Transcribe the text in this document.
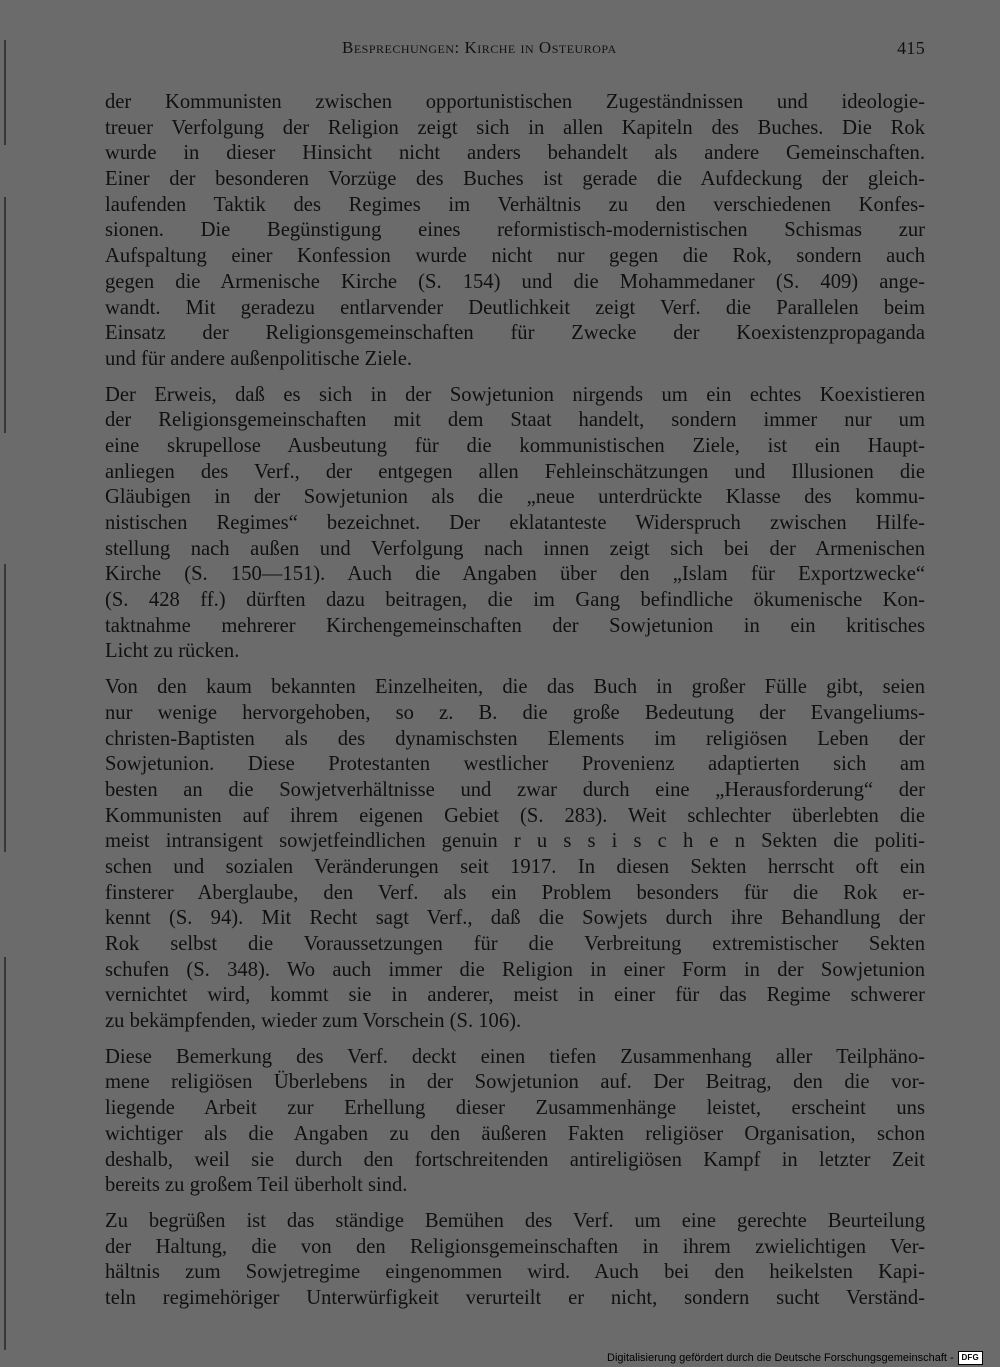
Besprechungen: Kirche in Osteuropa	415
der Kommunisten zwischen opportunistischen Zugeständnissen und ideologie-
treuer Verfolgung der Religion zeigt sich in allen Kapiteln des Buches. Die Rok
wurde in dieser Hinsicht nicht anders behandelt als andere Gemeinschaften.
Einer der besonderen Vorzüge des Buches ist gerade die Aufdeckung der gleich-
laufenden Taktik des Regimes im Verhältnis zu den verschiedenen Konfes-
sionen. Die Begünstigung eines reformistisch-modernistischen Schismas zur
Aufspaltung einer Konfession wurde nicht nur gegen die Rok, sondern auch
gegen die Armenische Kirche (S. 154) und die Mohammedaner (S. 409) ange-
wandt. Mit geradezu entlarvender Deutlichkeit zeigt Verf. die Parallelen beim
Einsatz der Religionsgemeinschaften für Zwecke der Koexistenzpropaganda
und für andere außenpolitische Ziele.
Der Erweis, daß es sich in der Sowjetunion nirgends um ein echtes Koexistieren
der Religionsgemeinschaften mit dem Staat handelt, sondern immer nur um
eine skrupellose Ausbeutung für die kommunistischen Ziele, ist ein Haupt-
anliegen des Verf., der entgegen allen Fehleinschätzungen und Illusionen die
Gläubigen in der Sowjetunion als die „neue unterdrückte Klasse des kommu-
nistischen Regimes“ bezeichnet. Der eklatanteste Widerspruch zwischen Hilfe-
stellung nach außen und Verfolgung nach innen zeigt sich bei der Armenischen
Kirche (S. 150—151). Auch die Angaben über den „Islam für Exportzwecke“
(S. 428 ff.) dürften dazu beitragen, die im Gang befindliche ökumenische Kon-
taktnahme mehrerer Kirchengemeinschaften der Sowjetunion in ein kritisches
Licht zu rücken.
Von den kaum bekannten Einzelheiten, die das Buch in großer Fülle gibt, seien
nur wenige hervorgehoben, so z. B. die große Bedeutung der Evangeliums-
christen-Baptisten als des dynamischsten Elements im religiösen Leben der
Sowjetunion. Diese Protestanten westlicher Provenienz adaptierten sich am
besten an die Sowjetverhältnisse und zwar durch eine „Herausforderung“ der
Kommunisten auf ihrem eigenen Gebiet (S. 283). Weit schlechter überlebten die
meist intransigent sowjetfeindlichen genuin r u s s i s c h e n Sekten die politi-
schen und sozialen Veränderungen seit 1917. In diesen Sekten herrscht oft ein
finsterer Aberglaube, den Verf. als ein Problem besonders für die Rok er-
kennt (S. 94). Mit Recht sagt Verf., daß die Sowjets durch ihre Behandlung der
Rok selbst die Voraussetzungen für die Verbreitung extremistischer Sekten
schufen (S. 348). Wo auch immer die Religion in einer Form in der Sowjetunion
vernichtet wird, kommt sie in anderer, meist in einer für das Regime schwerer
zu bekämpfenden, wieder zum Vorschein (S. 106).
Diese Bemerkung des Verf. deckt einen tiefen Zusammenhang aller Teilphäno-
mene religiösen Überlebens in der Sowjetunion auf. Der Beitrag, den die vor-
liegende Arbeit zur Erhellung dieser Zusammenhänge leistet, erscheint uns
wichtiger als die Angaben zu den äußeren Fakten religiöser Organisation, schon
deshalb, weil sie durch den fortschreitenden antireligiösen Kampf in letzter Zeit
bereits zu großem Teil überholt sind.
Zu begrüßen ist das ständige Bemühen des Verf. um eine gerechte Beurteilung
der Haltung, die von den Religionsgemeinschaften in ihrem zwielichtigen Ver-
hältnis zum Sowjetregime eingenommen wird. Auch bei den heikelsten Kapi-
teln regimehöriger Unterwürfigkeit verurteilt er nicht, sondern sucht Verständ-
Digitalisierung gefördert durch die Deutsche Forschungsgemeinschaft - DFG
